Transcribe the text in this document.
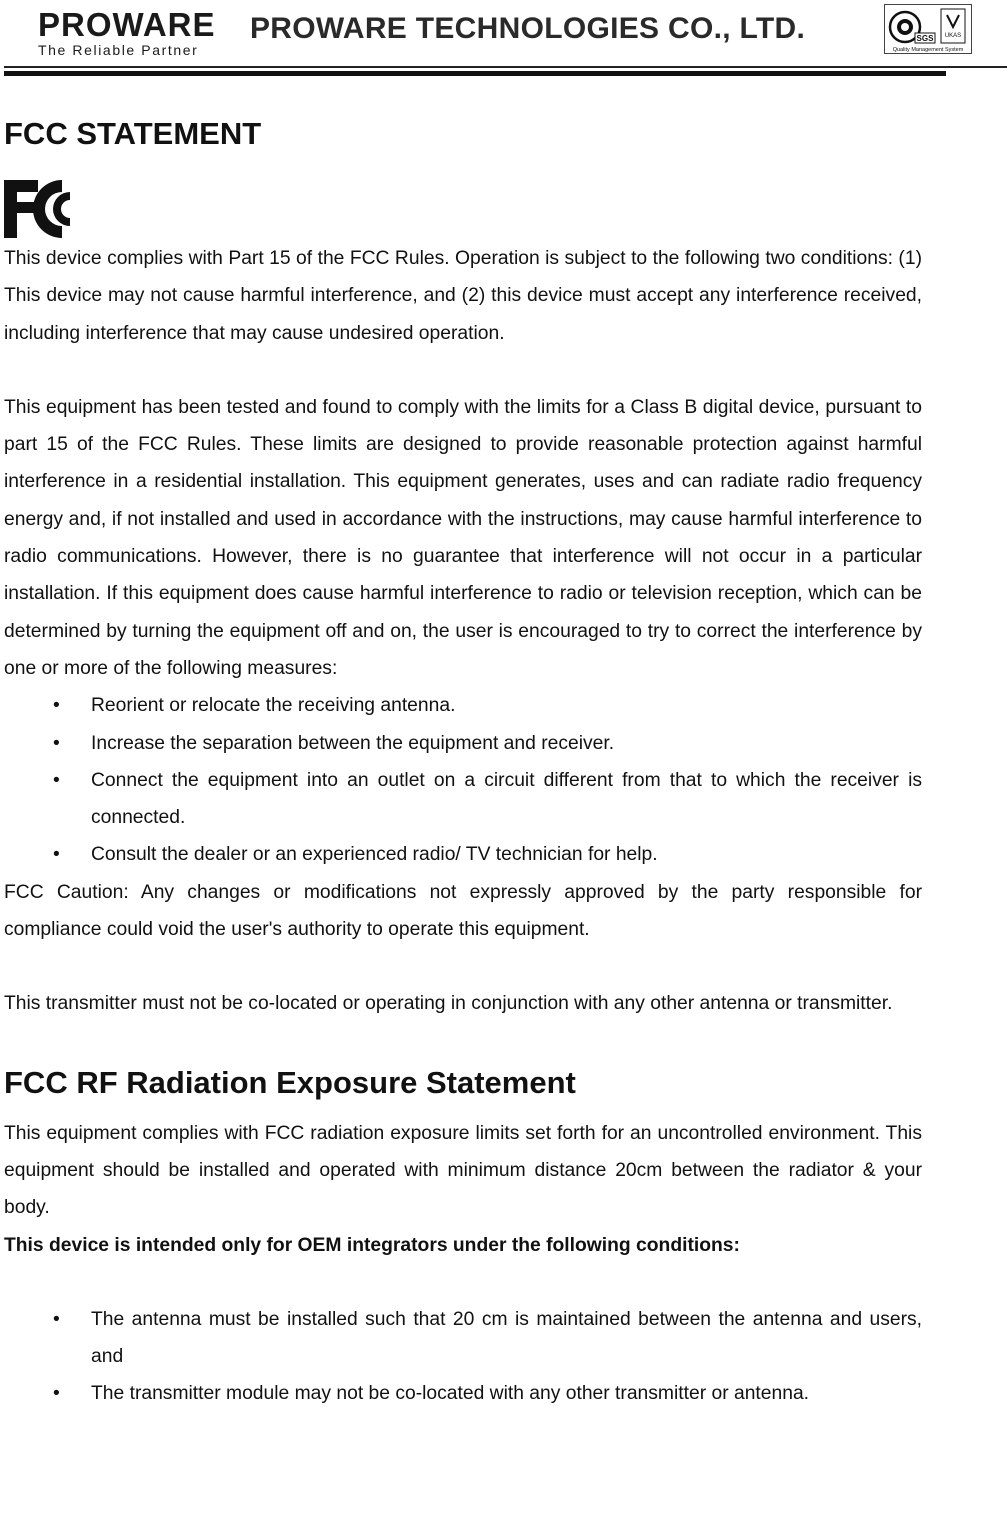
PROWARE
The Reliable Partner
PROWARE TECHNOLOGIES CO., LTD.	SGS UKAS
Quality Management System
FCC STATEMENT

This device complies with Part 15 of the FCC Rules. Operation is subject to the following two conditions: (1) This device may not cause harmful interference, and (2) this device must accept any interference received, including interference that may cause undesired operation.

This equipment has been tested and found to comply with the limits for a Class B digital device, pursuant to part 15 of the FCC Rules. These limits are designed to provide reasonable protection against harmful interference in a residential installation. This equipment generates, uses and can radiate radio frequency energy and, if not installed and used in accordance with the instructions, may cause harmful interference to radio communications. However, there is no guarantee that interference will not occur in a particular installation. If this equipment does cause harmful interference to radio or television reception, which can be determined by turning the equipment off and on, the user is encouraged to try to correct the interference by one or more of the following measures:

• Reorient or relocate the receiving antenna.
• Increase the separation between the equipment and receiver.
• Connect the equipment into an outlet on a circuit different from that to which the receiver is connected.
• Consult the dealer or an experienced radio/ TV technician for help.

FCC Caution: Any changes or modifications not expressly approved by the party responsible for compliance could void the user's authority to operate this equipment.

This transmitter must not be co-located or operating in conjunction with any other antenna or transmitter.

FCC RF Radiation Exposure Statement

This equipment complies with FCC radiation exposure limits set forth for an uncontrolled environment. This equipment should be installed and operated with minimum distance 20cm between the radiator & your body.

This device is intended only for OEM integrators under the following conditions:

• The antenna must be installed such that 20 cm is maintained between the antenna and users, and
• The transmitter module may not be co-located with any other transmitter or antenna.
